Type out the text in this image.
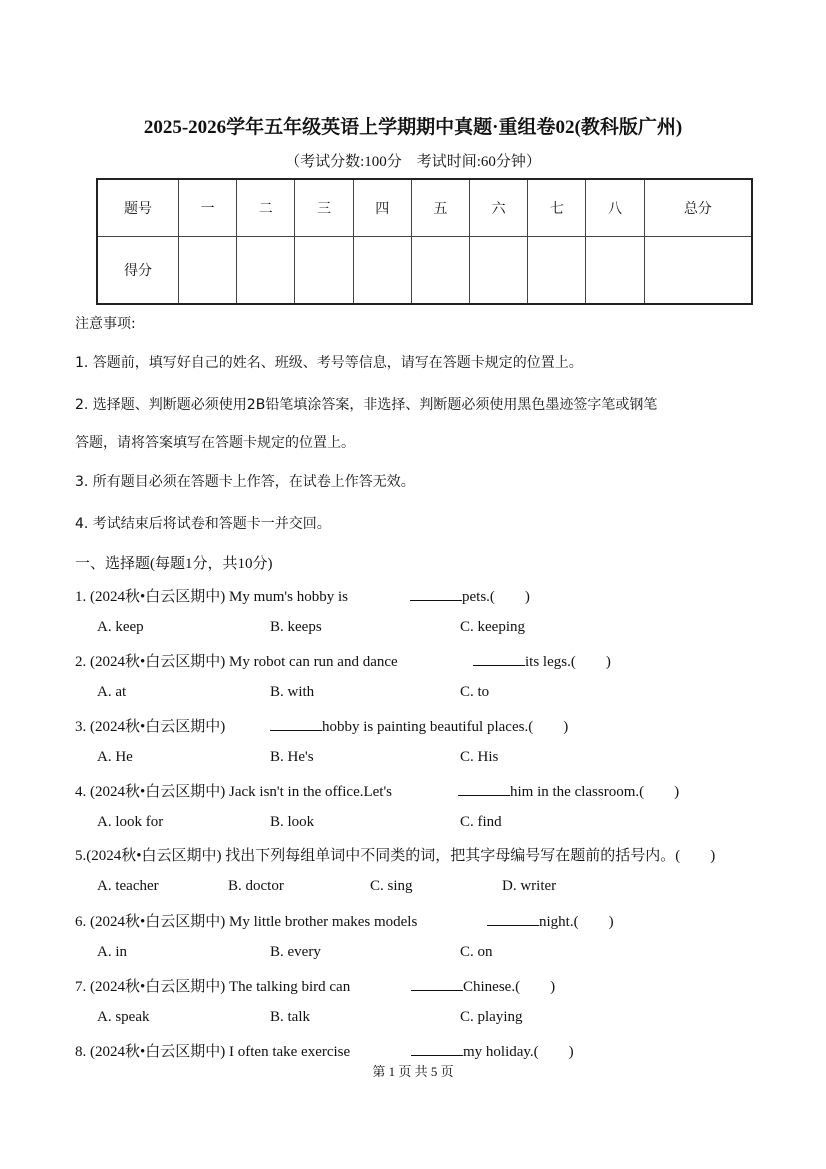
2025-2026学年五年级英语上学期期中真题·重组卷02(教科版广州)
（考试分数:100分　考试时间:60分钟）
题号	一	二	三	四	五	六	七	八	总分
得分									
注意事项:
1. 答题前，填写好自己的姓名、班级、考号等信息，请写在答题卡规定的位置上。
2. 选择题、判断题必须使用2B铅笔填涂答案，非选择、判断题必须使用黑色墨迹签字笔或钢笔
答题，请将答案填写在答题卡规定的位置上。
3. 所有题目必须在答题卡上作答，在试卷上作答无效。
4. 考试结束后将试卷和答题卡一并交回。
一、选择题(每题1分，共10分)
1. (2024秋•白云区期中) My mum's hobby is	pets.(　　)
A. keep	B. keeps	C. keeping
2. (2024秋•白云区期中) My robot can run and dance	its legs.(　　)
A. at	B. with	C. to
3. (2024秋•白云区期中)	hobby is painting beautiful places.(　　)
A. He	B. He's	C. His
4. (2024秋•白云区期中) Jack isn't in the office.Let's	him in the classroom.(　　)
A. look for	B. look	C. find
5.(2024秋•白云区期中) 找出下列每组单词中不同类的词，把其字母编号写在题前的括号内。(　　)
A. teacher	B. doctor	C. sing	D. writer
6. (2024秋•白云区期中) My little brother makes models	night.(　　)
A. in	B. every	C. on
7. (2024秋•白云区期中) The talking bird can	Chinese.(　　)
A. speak	B. talk	C. playing
8. (2024秋•白云区期中) I often take exercise	my holiday.(　　)
第 1 页 共 5 页
